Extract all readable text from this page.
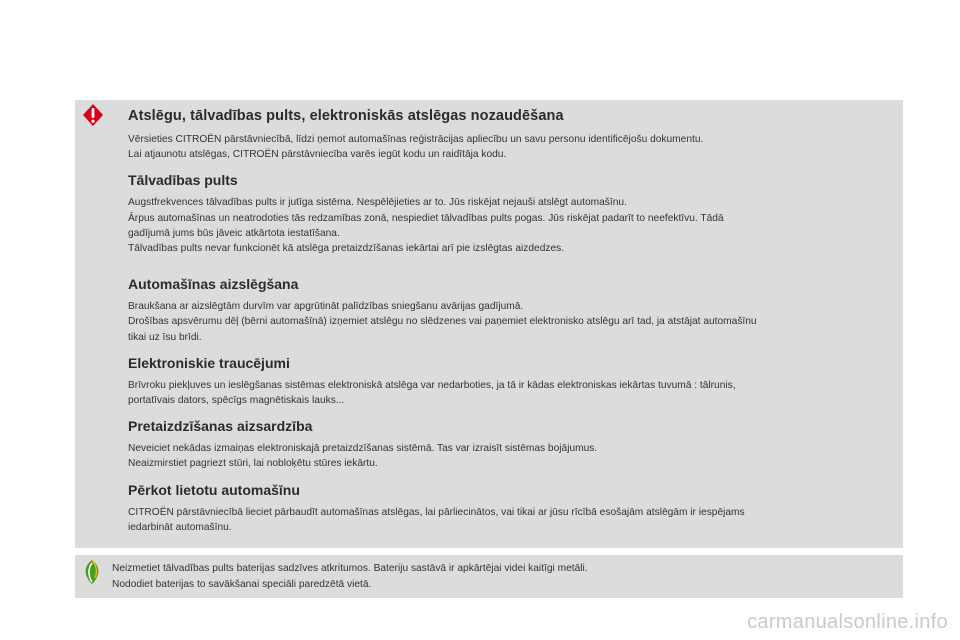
Atslēgu, tālvadības pults, elektroniskās atslēgas nozaudēšana

Vērsieties CITROËN pārstāvniecībā, līdzi ņemot automašīnas reģistrācijas apliecību un savu personu identificējošu dokumentu.

Lai atjaunotu atslēgas, CITROËN pārstāvniecība varēs iegūt kodu un raidītāja kodu.

Tālvadības pults

Augstfrekvences tālvadības pults ir jutīga sistēma. Nespēlējieties ar to. Jūs riskējat nejauši atslēgt automašīnu.

Ārpus automašīnas un neatrodoties tās redzamības zonā, nespiediet tālvadības pults pogas. Jūs riskējat padarīt to neefektīvu. Tādā

gadījumā jums būs jāveic atkārtota iestatīšana.

Tālvadības pults nevar funkcionēt kā atslēga pretaizdzīšanas iekārtai arī pie izslēgtas aizdedzes.

Automašīnas aizslēgšana

Braukšana ar aizslēgtām durvīm var apgrūtināt palīdzības sniegšanu avārijas gadījumā.

Drošības apsvērumu dēļ (bērni automašīnā) izņemiet atslēgu no slēdzenes vai paņemiet elektronisko atslēgu arī tad, ja atstājat automašīnu

tikai uz īsu brīdi.

Elektroniskie traucējumi

Brīvroku piekļuves un ieslēgšanas sistēmas elektroniskā atslēga var nedarboties, ja tā ir kādas elektroniskas iekārtas tuvumā : tālrunis,

portatīvais dators, spēcīgs magnētiskais lauks...

Pretaizdzīšanas aizsardzība

Neveiciet nekādas izmaiņas elektroniskajā pretaizdzīšanas sistēmā. Tas var izraisīt sistēmas bojājumus.

Neaizmirstiet pagriezt stūri, lai nobloķētu stūres iekārtu.

Pērkot lietotu automašīnu

CITROËN pārstāvniecībā lieciet pārbaudīt automašīnas atslēgas, lai pārliecinātos, vai tikai ar jūsu rīcībā esošajām atslēgām ir iespējams

iedarbināt automašīnu.

Neizmetiet tālvadības pults baterijas sadzīves atkritumos. Bateriju sastāvā ir apkārtējai videi kaitīgi metāli.

Nododiet baterijas to savākšanai speciāli paredzētā vietā.

carmanualsonline.info
